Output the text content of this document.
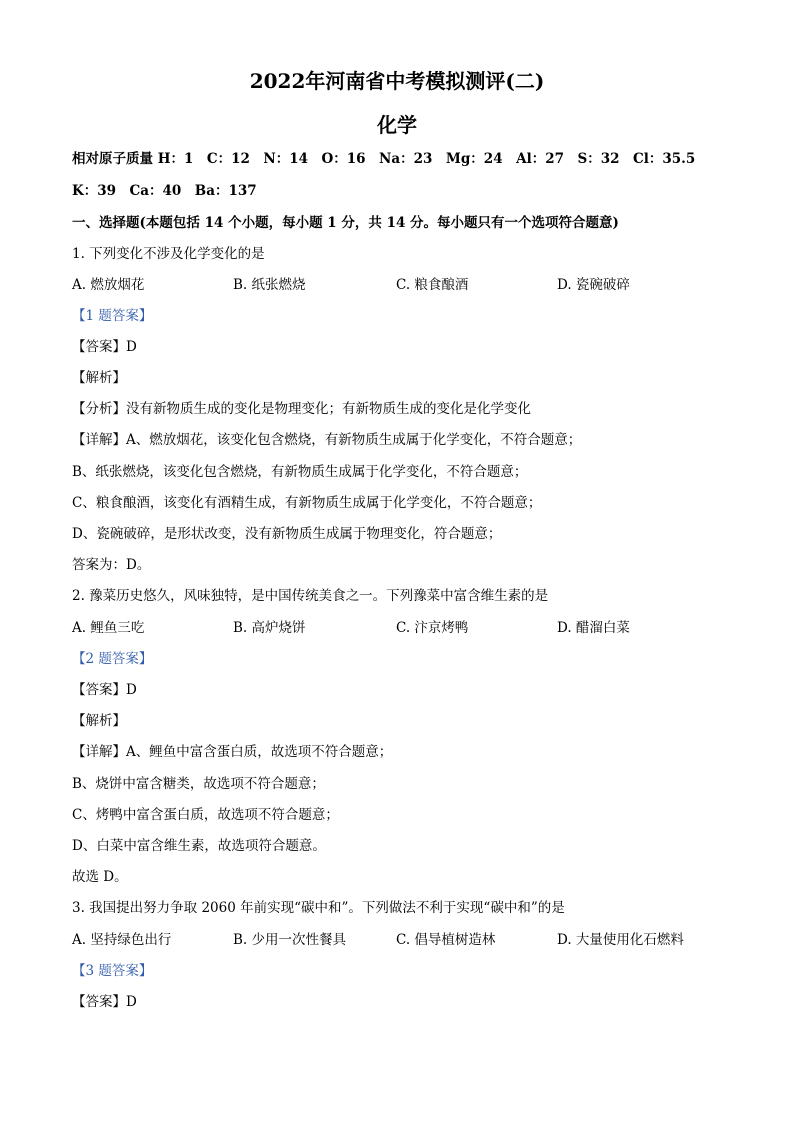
2022年河南省中考模拟测评(二)
化学
相对原子质量 H：1　C：12　N：14　O：16　Na：23　Mg：24　Al：27　S：32　Cl：35.5
K：39　Ca：40　Ba：137
一、选择题(本题包括 14 个小题，每小题 1 分，共 14 分。每小题只有一个选项符合题意)
1. 下列变化不涉及化学变化的是
A. 燃放烟花	B. 纸张燃烧	C. 粮食酿酒	D. 瓷碗破碎
【1 题答案】
【答案】D
【解析】
【分析】没有新物质生成的变化是物理变化；有新物质生成的变化是化学变化
【详解】A、燃放烟花，该变化包含燃烧，有新物质生成属于化学变化，不符合题意；
B、纸张燃烧，该变化包含燃烧，有新物质生成属于化学变化，不符合题意；
C、粮食酿酒，该变化有酒精生成，有新物质生成属于化学变化，不符合题意；
D、瓷碗破碎，是形状改变，没有新物质生成属于物理变化，符合题意；
答案为：D。
2. 豫菜历史悠久，风味独特，是中国传统美食之一。下列豫菜中富含维生素的是
A. 鲤鱼三吃	B. 高炉烧饼	C. 汴京烤鸭	D. 醋溜白菜
【2 题答案】
【答案】D
【解析】
【详解】A、鲤鱼中富含蛋白质，故选项不符合题意；
B、烧饼中富含糖类，故选项不符合题意；
C、烤鸭中富含蛋白质，故选项不符合题意；
D、白菜中富含维生素，故选项符合题意。
故选 D。
3. 我国提出努力争取 2060 年前实现“碳中和”。下列做法不利于实现“碳中和”的是
A. 坚持绿色出行	B. 少用一次性餐具	C. 倡导植树造林	D. 大量使用化石燃料
【3 题答案】
【答案】D
